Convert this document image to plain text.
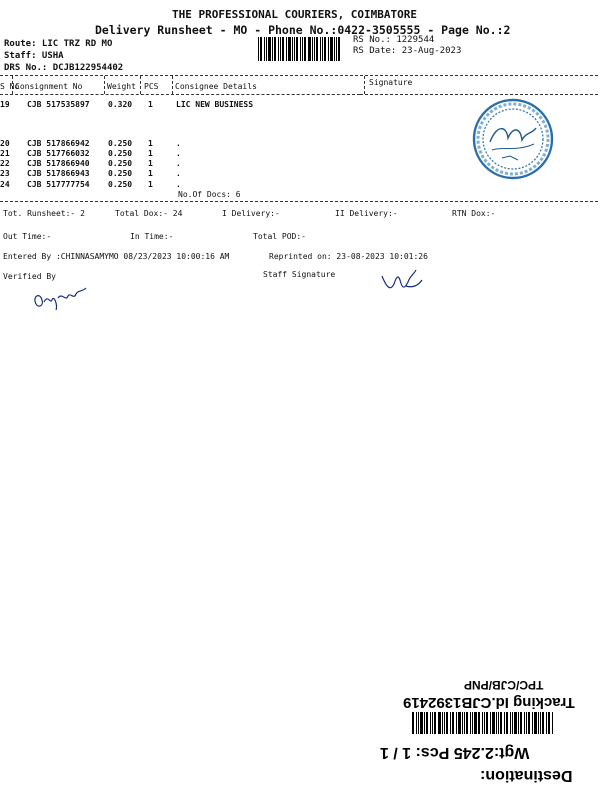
THE PROFESSIONAL COURIERS, COIMBATORE
Delivery Runsheet - MO - Phone No.:0422-3505555 - Page No.:2
Route: LIC TRZ RD MO
Staff: USHA
DRS No.: DCJB122954402
RS No.: 1229544
RS Date: 23-Aug-2023
S No
Consignment No	Weight PCS Consignee Details	Signature
19 CJB 517535897 0.320 1	LIC NEW BUSINESS
20 CJB 517866942 0.250 1	.
21 CJB 517766032 0.250 1	.
22 CJB 517866940 0.250 1	.
23 CJB 517866943 0.250 1	.
24 CJB 517777754 0.250 1	.
No.Of Docs: 6
Tot. Runsheet:- 2	Total Dox:- 24	I Delivery:-	II Delivery:-	RTN Dox:-
Out Time:-	In Time:-	Total POD:-
Entered By :CHINNASAMYMO 08/23/2023 10:00:16 AM	Reprinted on: 23-08-2023 10:01:26
Verified By	Staff Signature
TPC/CJB/PNP
Tracking Id.CJB1392419
Wgt:2.245 Pcs: 1 / 1
Destination:
